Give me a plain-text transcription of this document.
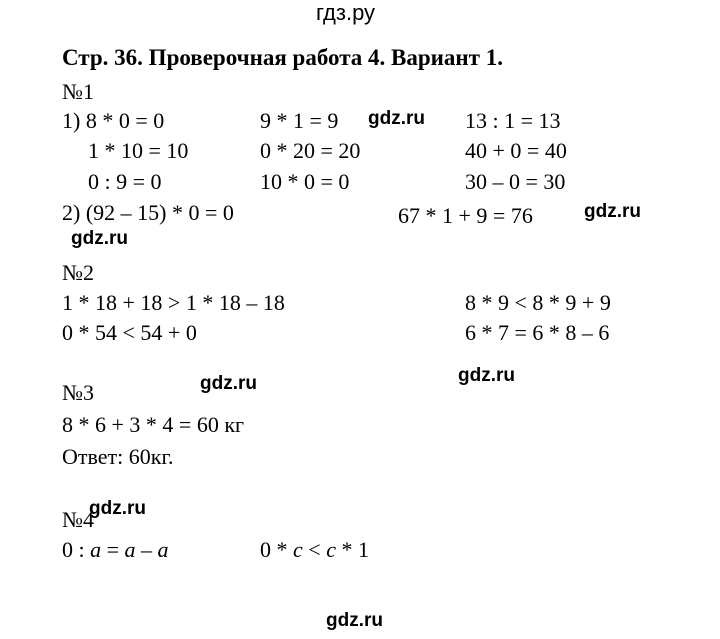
гдз.ру
gdz.ru
gdz.ru
gdz.ru
gdz.ru	gdz.ru
gdz.ru
gdz.ru
Стр. 36. Проверочная работа 4. Вариант 1.
№1
1) 8 * 0 = 0	9 * 1 = 9	13 : 1 = 13
1 * 10 = 10	0 * 20 = 20	40 + 0 = 40
0 : 9 = 0	10 * 0 = 0	30 – 0 = 30
2) (92 – 15) * 0 = 0	67 * 1 + 9 = 76
№2
1 * 18 + 18 > 1 * 18 – 18	8 * 9 < 8 * 9 + 9
0 * 54 < 54 + 0	6 * 7 = 6 * 8 – 6
№3
8 * 6 + 3 * 4 = 60 кг
Ответ: 60кг.
№4
0 : a = a – a	0 * c < c * 1
